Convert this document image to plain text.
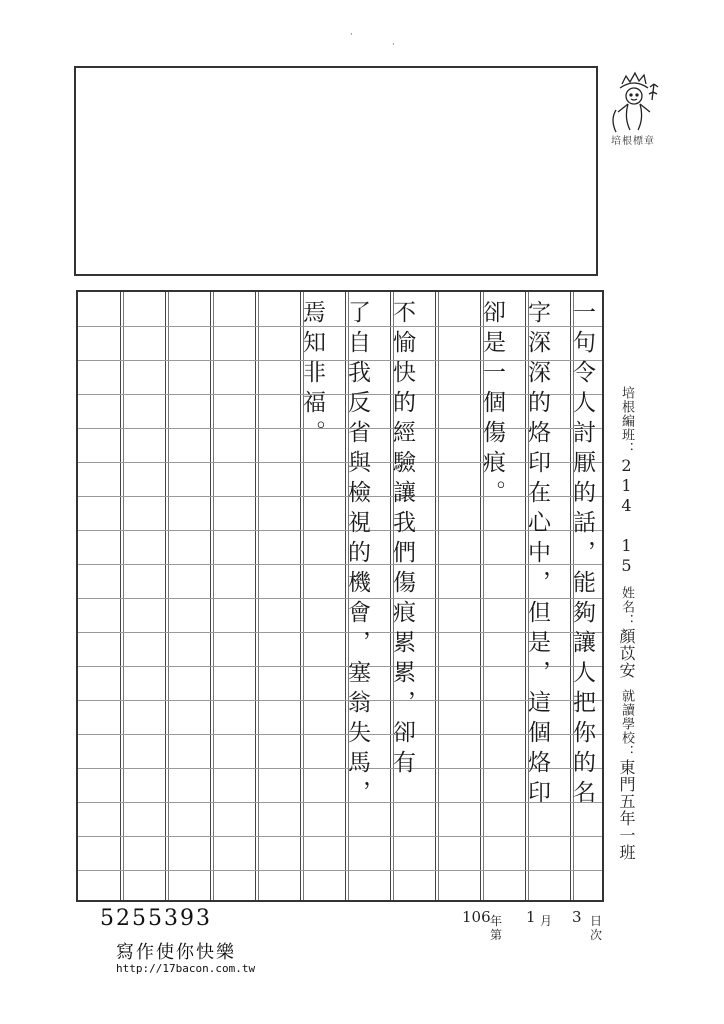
培根標章
一句令人討厭的話，能夠讓人把你的名
字深深的烙印在心中，但是，這個烙印
卻是一個傷痕。
不愉快的經驗讓我們傷痕累累，卻有
了自我反省與檢視的機會，塞翁失馬，
焉知非福。	培根編班：214 15姓名：顏苡安就讀學校：東門五年一班
106 年 1 月 3 日
第	次
5255393
寫作使你快樂
http://17bacon.com.tw
·
·
